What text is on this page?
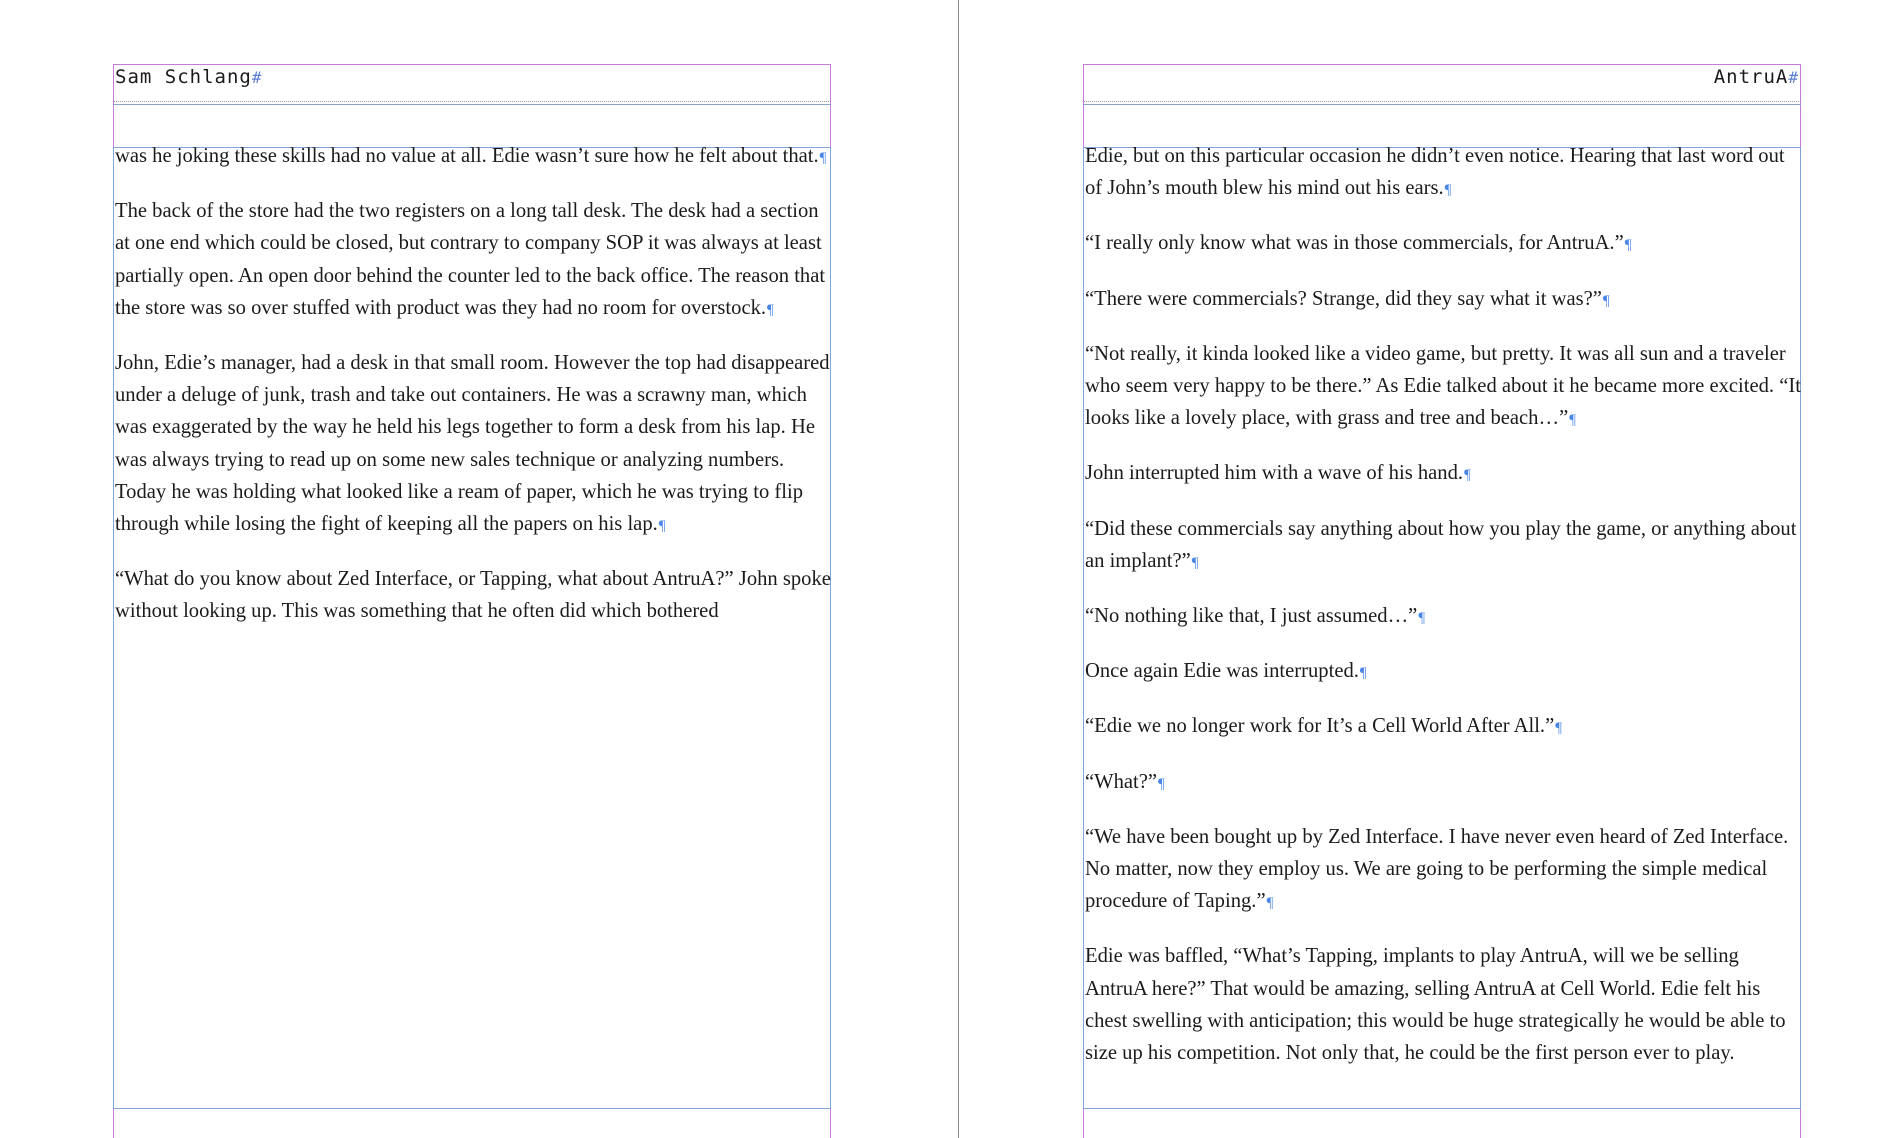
Sam Schlang#

was he joking these skills had no value at all. Edie wasn’t sure how he felt about that.¶

The back of the store had the two registers on a long tall desk. The desk had a section at one end which could be closed, but contrary to company SOP it was always at least partially open. An open door behind the counter led to the back office. The reason that the store was so over stuffed with product was they had no room for overstock.¶

John, Edie’s manager, had a desk in that small room. However the top had disappeared under a deluge of junk, trash and take out containers. He was a scrawny man, which was exaggerated by the way he held his legs together to form a desk from his lap. He was always trying to read up on some new sales technique or analyzing numbers. Today he was holding what looked like a ream of paper, which he was trying to flip through while losing the fight of keeping all the papers on his lap.¶

“What do you know about Zed Interface, or Tapping, what about AntruA?” John spoke without looking up. This was something that he often did which bothered

AntruA#

Edie, but on this particular occasion he didn’t even notice. Hearing that last word out of John’s mouth blew his mind out his ears.¶

“I really only know what was in those commercials, for AntruA.”¶

“There were commercials? Strange, did they say what it was?”¶

“Not really, it kinda looked like a video game, but pretty. It was all sun and a traveler who seem very happy to be there.” As Edie talked about it he became more excited. “It looks like a lovely place, with grass and tree and beach…”¶

John interrupted him with a wave of his hand.¶

“Did these commercials say anything about how you play the game, or anything about an implant?”¶

“No nothing like that, I just assumed…”¶

Once again Edie was interrupted.¶

“Edie we no longer work for It’s a Cell World After All.”¶

“What?”¶

“We have been bought up by Zed Interface. I have never even heard of Zed Interface. No matter, now they employ us. We are going to be performing the simple medical procedure of Taping.”¶

Edie was baffled, “What’s Tapping, implants to play AntruA, will we be selling AntruA here?” That would be amazing, selling AntruA at Cell World. Edie felt his chest swelling with anticipation; this would be huge strategically he would be able to size up his competition. Not only that, he could be the first person ever to play.
